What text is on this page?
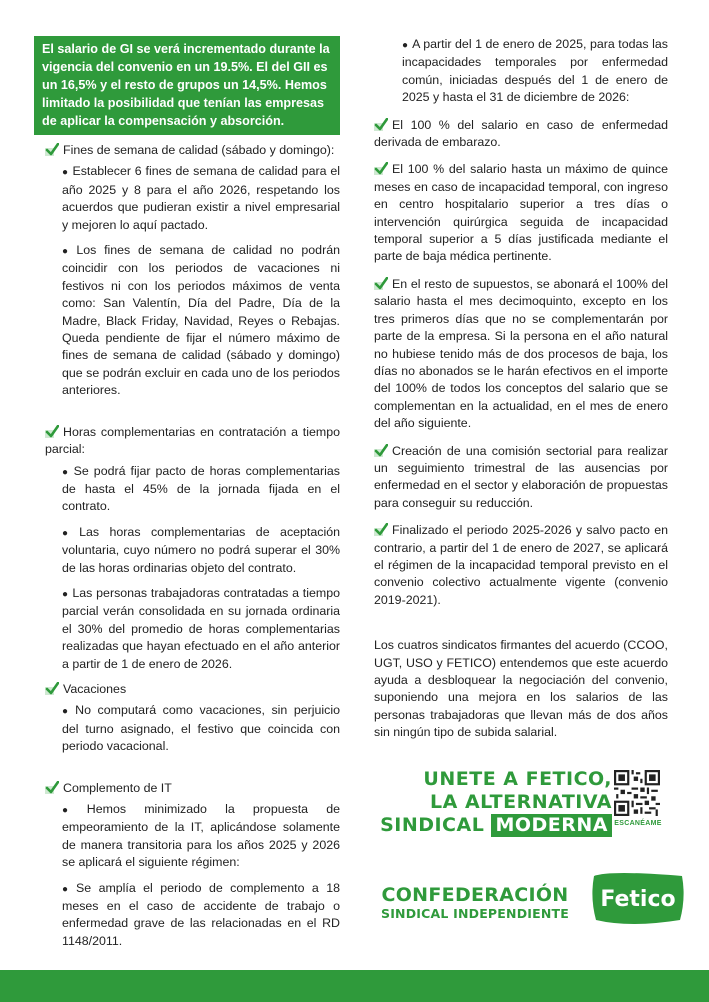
El salario de GI se verá incrementado durante la vigencia del convenio en un 19.5%. El del GII es un 16,5% y el resto de grupos un 14,5%. Hemos limitado la posibilidad que tenían las empresas de aplicar la compensación y absorción.
Fines de semana de calidad (sábado y domingo):
● Establecer 6 fines de semana de calidad para el año 2025 y 8 para el año 2026, respetando los acuerdos que pudieran existir a nivel empresarial y mejoren lo aquí pactado.
● Los fines de semana de calidad no podrán coincidir con los periodos de vacaciones ni festivos ni con los periodos máximos de venta como: San Valentín, Día del Padre, Día de la Madre, Black Friday, Navidad, Reyes o Rebajas. Queda pendiente de fijar el número máximo de fines de semana de calidad (sábado y domingo) que se podrán excluir en cada uno de los periodos anteriores.
Horas complementarias en contratación a tiempo parcial:
● Se podrá fijar pacto de horas complementarias de hasta el 45% de la jornada fijada en el contrato.
● Las horas complementarias de aceptación voluntaria, cuyo número no podrá superar el 30% de las horas ordinarias objeto del contrato.
● Las personas trabajadoras contratadas a tiempo parcial verán consolidada en su jornada ordinaria el 30% del promedio de horas complementarias realizadas que hayan efectuado en el año anterior a partir de 1 de enero de 2026.
Vacaciones
● No computará como vacaciones, sin perjuicio del turno asignado, el festivo que coincida con periodo vacacional.
Complemento de IT
● Hemos minimizado la propuesta de empeoramiento de la IT, aplicándose solamente de manera transitoria para los años 2025 y 2026 se aplicará el siguiente régimen:
● Se amplía el periodo de complemento a 18 meses en el caso de accidente de trabajo o enfermedad grave de las relacionadas en el RD 1148/2011.
● A partir del 1 de enero de 2025, para todas las incapacidades temporales por enfermedad común, iniciadas después del 1 de enero de 2025 y hasta el 31 de diciembre de 2026:
El 100 % del salario en caso de enfermedad derivada de embarazo.
El 100 % del salario hasta un máximo de quince meses en caso de incapacidad temporal, con ingreso en centro hospitalario superior a tres días o intervención quirúrgica seguida de incapacidad temporal superior a 5 días justificada mediante el parte de baja médica pertinente.
En el resto de supuestos, se abonará el 100% del salario hasta el mes decimoquinto, excepto en los tres primeros días que no se complementarán por parte de la empresa. Si la persona en el año natural no hubiese tenido más de dos procesos de baja, los días no abonados se le harán efectivos en el importe del 100% de todos los conceptos del salario que se complementan en la actualidad, en el mes de enero del año siguiente.
Creación de una comisión sectorial para realizar un seguimiento trimestral de las ausencias por enfermedad en el sector y elaboración de propuestas para conseguir su reducción.
Finalizado el periodo 2025-2026 y salvo pacto en contrario, a partir del 1 de enero de 2027, se aplicará el régimen de la incapacidad temporal previsto en el convenio colectivo actualmente vigente (convenio 2019-2021).
Los cuatros sindicatos firmantes del acuerdo (CCOO, UGT, USO y FETICO) entendemos que este acuerdo ayuda a desbloquear la negociación del convenio, suponiendo una mejora en los salarios de las personas trabajadoras que llevan más de dos años sin ningún tipo de subida salarial.
UNETE A FETICO,
LA ALTERNATIVA
SINDICAL MODERNA ESCANÉAME
CONFEDERACIÓN
SINDICAL INDEPENDIENTE
Fetico
